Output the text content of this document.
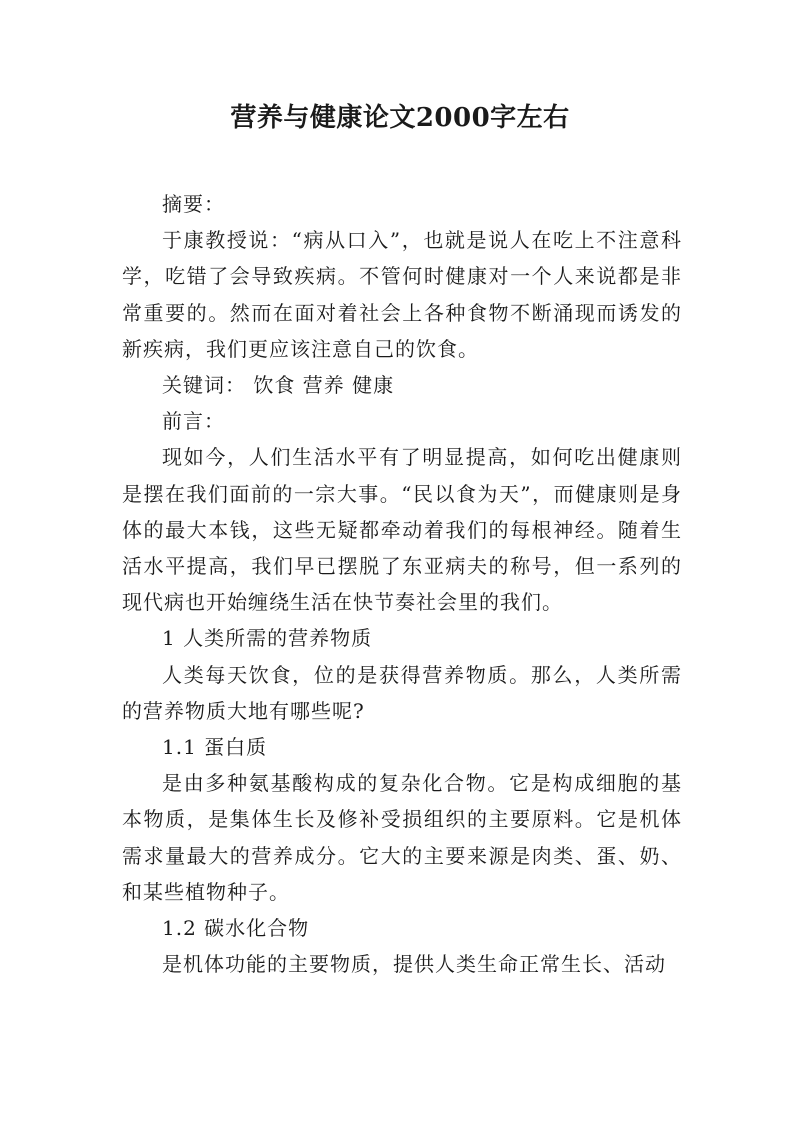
营养与健康论文2000字左右

摘要：

于康教授说：“病从口入”，也就是说人在吃上不注意科学，吃错了会导致疾病。不管何时健康对一个人来说都是非常重要的。然而在面对着社会上各种食物不断涌现而诱发的新疾病，我们更应该注意自己的饮食。

关键词： 饮食 营养 健康

前言：

现如今，人们生活水平有了明显提高，如何吃出健康则是摆在我们面前的一宗大事。“民以食为天”，而健康则是身体的最大本钱，这些无疑都牵动着我们的每根神经。随着生活水平提高，我们早已摆脱了东亚病夫的称号，但一系列的现代病也开始缠绕生活在快节奏社会里的我们。

1 人类所需的营养物质

人类每天饮食，位的是获得营养物质。那么，人类所需的营养物质大地有哪些呢?

1.1 蛋白质

是由多种氨基酸构成的复杂化合物。它是构成细胞的基本物质，是集体生长及修补受损组织的主要原料。它是机体需求量最大的营养成分。它大的主要来源是肉类、蛋、奶、和某些植物种子。

1.2 碳水化合物

是机体功能的主要物质，提供人类生命正常生长、活动
